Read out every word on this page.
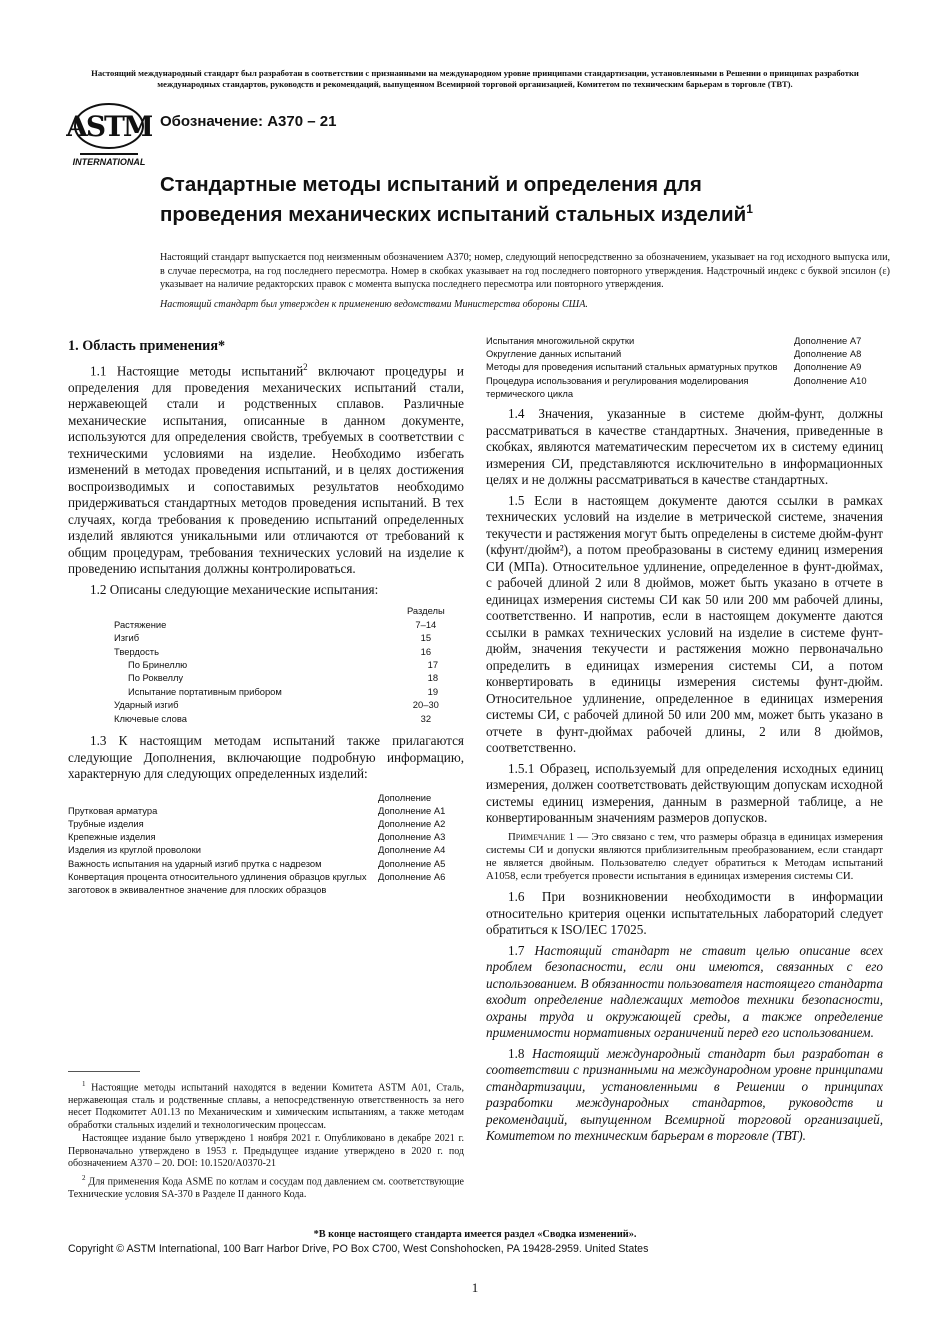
Настоящий международный стандарт был разработан в соответствии с признанными на международном уровне принципами стандартизации, установленными в Решении о принципах разработки международных стандартов, руководств и рекомендаций, выпущенном Всемирной торговой организацией, Комитетом по техническим барьерам в торговле (ТВТ).
ASTM
INTERNATIONAL
Обозначение: A370 – 21
Стандартные методы испытаний и определения для проведения механических испытаний стальных изделий$^1$

Настоящий стандарт выпускается под неизменным обозначением A370; номер, следующий непосредственно за обозначением, указывает на год исходного выпуска или, в случае пересмотра, на год последнего пересмотра. Номер в скобках указывает на год последнего повторного утверждения. Надстрочный индекс с буквой эпсилон (ε) указывает на наличие редакторских правок с момента выпуска последнего пересмотра или повторного утверждения.

Настоящий стандарт был утвержден к применению ведомствами Министерства обороны США.

1. Область применения*

1.1 Настоящие методы испытаний$^2$ включают процедуры и определения для проведения механических испытаний стали, нержавеющей стали и родственных сплавов. Различные механические испытания, описанные в данном документе, используются для определения свойств, требуемых в соответствии с техническими условиями на изделие. Необходимо избегать изменений в методах проведения испытаний, и в целях достижения воспроизводимых и сопоставимых результатов необходимо придерживаться стандартных методов проведения испытаний. В тех случаях, когда требования к проведению испытаний определенных изделий являются уникальными или отличаются от требований к общим процедурам, требования технических условий на изделие к проведению испытания должны контролироваться.

1.2 Описаны следующие механические испытания:

	Разделы
Растяжение	7–14
Изгиб	15
Твердость	16
По Бринеллю	17
По Роквеллу	18
Испытание портативным прибором	19
Ударный изгиб	20–30
Ключевые слова	32

1.3 К настоящим методам испытаний также прилагаются следующие Дополнения, включающие подробную информацию, характерную для следующих определенных изделий:

	Дополнение
Прутковая арматура	Дополнение A1
Трубные изделия	Дополнение A2
Крепежные изделия	Дополнение A3
Изделия из круглой проволоки	Дополнение A4
Важность испытания на ударный изгиб прутка с надрезом	Дополнение A5
Конвертация процента относительного удлинения образцов круглых заготовок в эквивалентное значение для плоских образцов	Дополнение A6

$^1$ Настоящие методы испытаний находятся в ведении Комитета ASTM A01, Сталь, нержавеющая сталь и родственные сплавы, а непосредственную ответственность за него несет Подкомитет A01.13 по Механическим и химическим испытаниям, а также методам обработки стальных изделий и технологическим процессам.

Настоящее издание было утверждено 1 ноября 2021 г. Опубликовано в декабре 2021 г. Первоначально утверждено в 1953 г. Предыдущее издание утверждено в 2020 г. под обозначением A370 – 20. DOI: 10.1520/A0370-21

$^2$ Для применения Кода ASME по котлам и сосудам под давлением см. соответствующие Технические условия SA-370 в Разделе II данного Кода.

Испытания многожильной скрутки	Дополнение A7
Округление данных испытаний	Дополнение A8
Методы для проведения испытаний стальных арматурных прутков	Дополнение A9
Процедура использования и регулирования моделирования термического цикла	Дополнение A10

1.4 Значения, указанные в системе дюйм-фунт, должны рассматриваться в качестве стандартных. Значения, приведенные в скобках, являются математическим пересчетом их в систему единиц измерения СИ, представляются исключительно в информационных целях и не должны рассматриваться в качестве стандартных.

1.5 Если в настоящем документе даются ссылки в рамках технических условий на изделие в метрической системе, значения текучести и растяжения могут быть определены в системе дюйм-фунт (кфунт/дюйм²), а потом преобразованы в систему единиц измерения СИ (МПа). Относительное удлинение, определенное в фунт-дюймах, с рабочей длиной 2 или 8 дюймов, может быть указано в отчете в единицах измерения системы СИ как 50 или 200 мм рабочей длины, соответственно. И напротив, если в настоящем документе даются ссылки в рамках технических условий на изделие в системе фунт-дюйм, значения текучести и растяжения можно первоначально определить в единицах измерения системы СИ, а потом конвертировать в единицы измерения системы фунт-дюйм. Относительное удлинение, определенное в единицах измерения системы СИ, с рабочей длиной 50 или 200 мм, может быть указано в отчете в фунт-дюймах рабочей длины, 2 или 8 дюймов, соответственно.

1.5.1 Образец, используемый для определения исходных единиц измерения, должен соответствовать действующим допускам исходной системы единиц измерения, данным в размерной таблице, а не конвертированным значениям размеров допусков.

Примечание 1 — Это связано с тем, что размеры образца в единицах измерения системы СИ и допуски являются приблизительным преобразованием, если стандарт не является двойным. Пользователю следует обратиться к Методам испытаний A1058, если требуется провести испытания в единицах измерения системы СИ.

1.6 При возникновении необходимости в информации относительно критерия оценки испытательных лабораторий следует обратиться к ISO/IEC 17025.

1.7 Настоящий стандарт не ставит целью описание всех проблем безопасности, если они имеются, связанных с его использованием. В обязанности пользователя настоящего стандарта входит определение надлежащих методов техники безопасности, охраны труда и окружающей среды, а также определение применимости нормативных ограничений перед его использованием.

1.8 Настоящий международный стандарт был разработан в соответствии с признанными на международном уровне принципами стандартизации, установленными в Решении о принципах разработки международных стандартов, руководств и рекомендаций, выпущенном Всемирной торговой организацией, Комитетом по техническим барьерам в торговле (ТВТ).

*В конце настоящего стандарта имеется раздел «Сводка изменений».
Copyright © ASTM International, 100 Barr Harbor Drive, PO Box C700, West Conshohocken, PA 19428-2959. United States
1
